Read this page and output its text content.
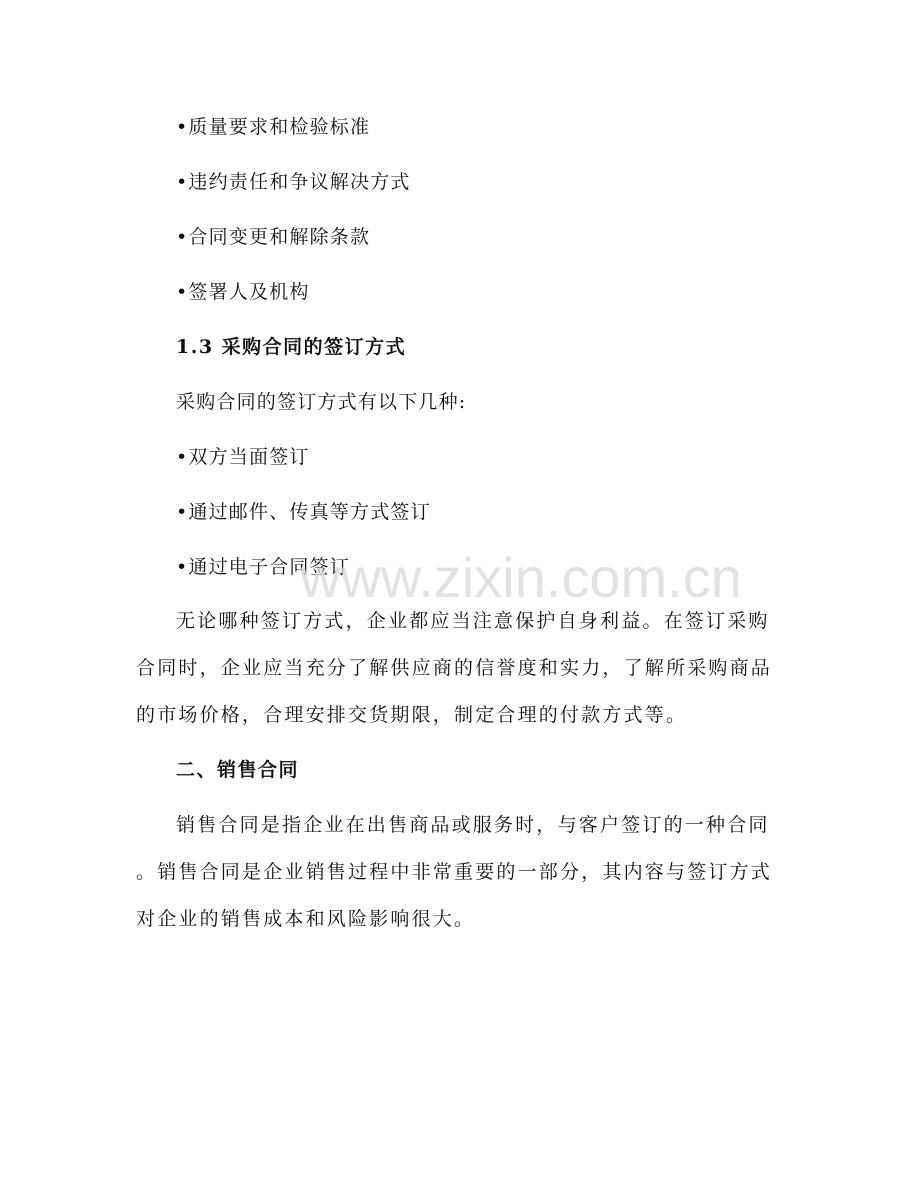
•质量要求和检验标准
•违约责任和争议解决方式
•合同变更和解除条款
•签署人及机构
1.3 采购合同的签订方式
采购合同的签订方式有以下几种:
•双方当面签订
•通过邮件、传真等方式签订
•通过电子合同签订
无论哪种签订方式，企业都应当注意保护自身利益。在签订采购
合同时，企业应当充分了解供应商的信誉度和实力，了解所采购商品
的市场价格，合理安排交货期限，制定合理的付款方式等。
二、销售合同
销售合同是指企业在出售商品或服务时，与客户签订的一种合同
。销售合同是企业销售过程中非常重要的一部分，其内容与签订方式
对企业的销售成本和风险影响很大。
www.zixin.com.cn
